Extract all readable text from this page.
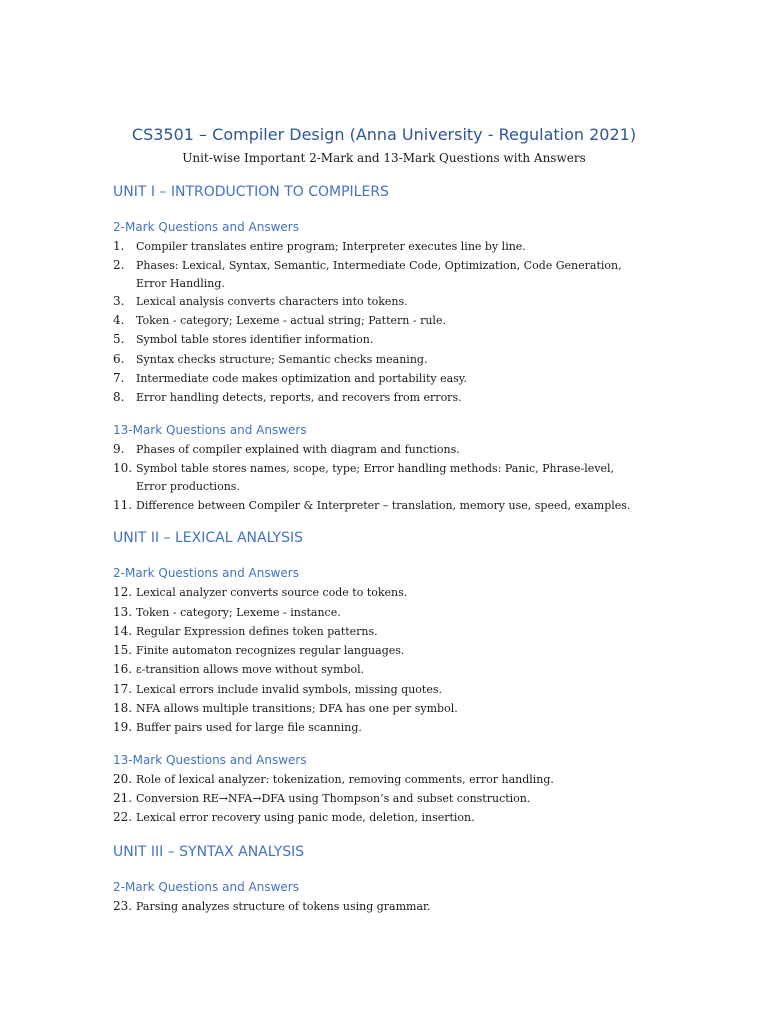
CS3501 – Compiler Design (Anna University - Regulation 2021)
Unit-wise Important 2-Mark and 13-Mark Questions with Answers
UNIT I – INTRODUCTION TO COMPILERS
2-Mark Questions and Answers
1.	Compiler translates entire program; Interpreter executes line by line.
2.	Phases: Lexical, Syntax, Semantic, Intermediate Code, Optimization, Code Generation, Error Handling.
3.	Lexical analysis converts characters into tokens.
4.	Token - category; Lexeme - actual string; Pattern - rule.
5.	Symbol table stores identifier information.
6.	Syntax checks structure; Semantic checks meaning.
7.	Intermediate code makes optimization and portability easy.
8.	Error handling detects, reports, and recovers from errors.
13-Mark Questions and Answers
9.	Phases of compiler explained with diagram and functions.
10. Symbol table stores names, scope, type; Error handling methods: Panic, Phrase-level, Error productions.
11. Difference between Compiler & Interpreter – translation, memory use, speed, examples.
UNIT II – LEXICAL ANALYSIS
2-Mark Questions and Answers
12. Lexical analyzer converts source code to tokens.
13. Token - category; Lexeme - instance.
14. Regular Expression defines token patterns.
15. Finite automaton recognizes regular languages.
16. ε-transition allows move without symbol.
17. Lexical errors include invalid symbols, missing quotes.
18. NFA allows multiple transitions; DFA has one per symbol.
19. Buffer pairs used for large file scanning.
13-Mark Questions and Answers
20. Role of lexical analyzer: tokenization, removing comments, error handling.
21. Conversion RE→NFA→DFA using Thompson’s and subset construction.
22. Lexical error recovery using panic mode, deletion, insertion.
UNIT III – SYNTAX ANALYSIS
2-Mark Questions and Answers
23. Parsing analyzes structure of tokens using grammar.
